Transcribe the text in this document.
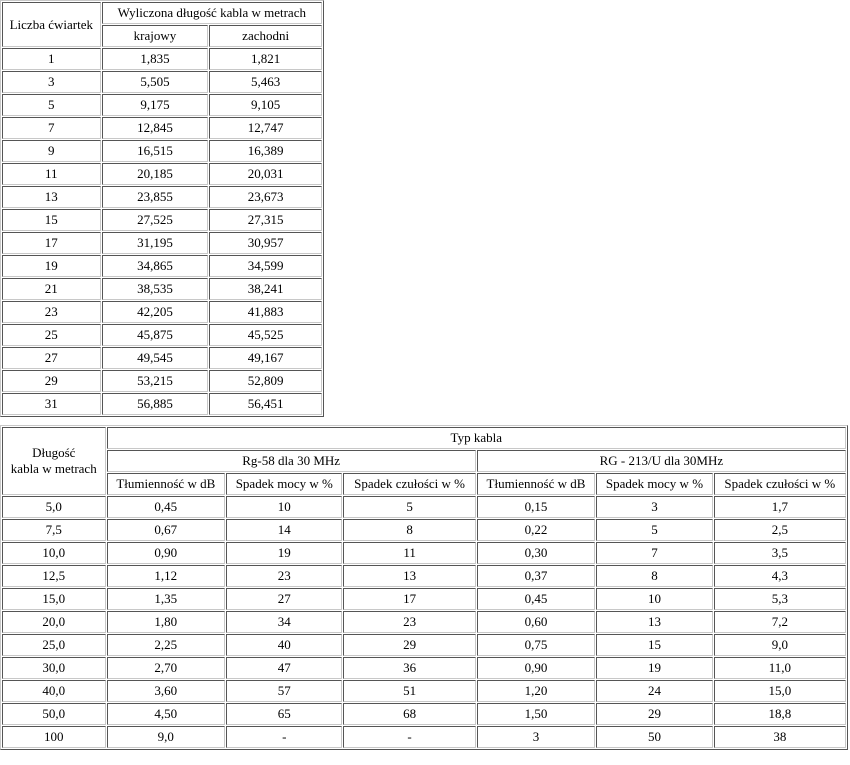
Liczba ćwiartek	Wyliczona długość kabla w metrach	
	krajowy	zachodni
1	1,835	1,821
3	5,505	5,463
5	9,175	9,105
7	12,845	12,747
9	16,515	16,389
11	20,185	20,031
13	23,855	23,673
15	27,525	27,315
17	31,195	30,957
19	34,865	34,599
21	38,535	38,241
23	42,205	41,883
25	45,875	45,525
27	49,545	49,167
29	53,215	52,809
31	56,885	56,451
Długość
kabla w metrach	Typ kabla					
	Rg-58 dla 30 MHz			RG - 213/U dla 30MHz		
	Tłumienność w dB	Spadek mocy w %	Spadek czułości w %	Tłumienność w dB	Spadek mocy w %	Spadek czułości w %
5,0	0,45	10	5	0,15	3	1,7
7,5	0,67	14	8	0,22	5	2,5
10,0	0,90	19	11	0,30	7	3,5
12,5	1,12	23	13	0,37	8	4,3
15,0	1,35	27	17	0,45	10	5,3
20,0	1,80	34	23	0,60	13	7,2
25,0	2,25	40	29	0,75	15	9,0
30,0	2,70	47	36	0,90	19	11,0
40,0	3,60	57	51	1,20	24	15,0
50,0	4,50	65	68	1,50	29	18,8
100	9,0	-	-	3	50	38
